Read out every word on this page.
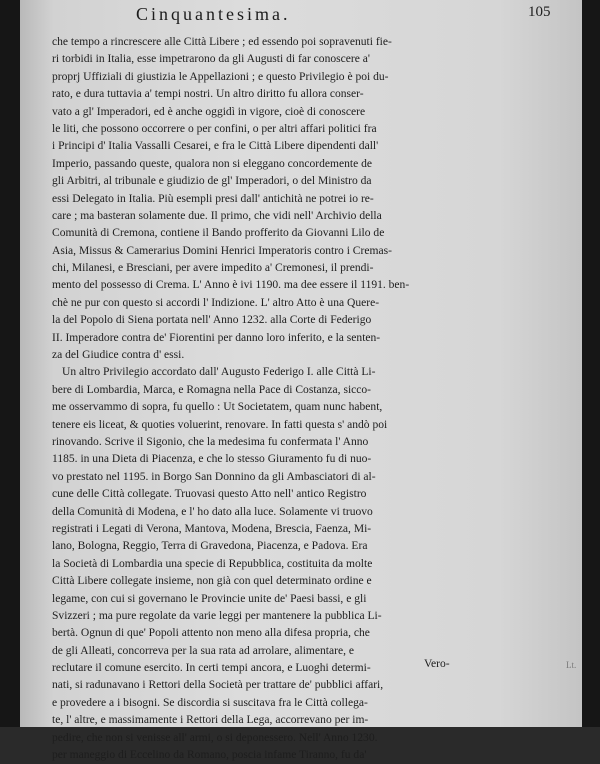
Cinquantesima.	105
che tempo a rincrescere alle Città Libere ; ed essendo poi sopravenuti fie-
ri torbidi in Italia, esse impetrarono da gli Augusti di far conoscere a'
proprj Uffiziali di giustizia le Appellazioni ; e questo Privilegio è poi du-
rato, e dura tuttavia a' tempi nostri. Un altro diritto fu allora conser-
vato a gl' Imperadori, ed è anche oggidì in vigore, cioè di conoscere
le liti, che possono occorrere o per confini, o per altri affari politici fra
i Principi d' Italia Vassalli Cesarei, e fra le Città Libere dipendenti dall'
Imperio, passando queste, qualora non si eleggano concordemente de
gli Arbitri, al tribunale e giudizio de gl' Imperadori, o del Ministro da
essi Delegato in Italia. Più esempli presi dall' antichità ne potrei io re-
care ; ma basteran solamente due. Il primo, che vidi nell' Archivio della
Comunità di Cremona, contiene il Bando profferito da Giovanni Lilo de
Asia, Missus & Camerarius Domini Henrici Imperatoris contro i Cremas-
chi, Milanesi, e Bresciani, per avere impedito a' Cremonesi, il prendi-
mento del possesso di Crema. L' Anno è ivi 1190. ma dee essere il 1191. ben-
chè ne pur con questo si accordi l' Indizione. L' altro Atto è una Quere-
la del Popolo di Siena portata nell' Anno 1232. alla Corte di Federigo
II. Imperadore contra de' Fiorentini per danno loro inferito, e la senten-
za del Giudice contra d' essi.
Un altro Privilegio accordato dall' Augusto Federigo I. alle Città Li-
bere di Lombardia, Marca, e Romagna nella Pace di Costanza, sicco-
me osservammo di sopra, fu quello : Ut Societatem, quam nunc habent,
tenere eis liceat, & quoties voluerint, renovare. In fatti questa s' andò poi
rinovando. Scrive il Sigonio, che la medesima fu confermata l' Anno
1185. in una Dieta di Piacenza, e che lo stesso Giuramento fu di nuo-
vo prestato nel 1195. in Borgo San Donnino da gli Ambasciatori di al-
cune delle Città collegate. Truovasi questo Atto nell' antico Registro
della Comunità di Modena, e l' ho dato alla luce. Solamente vi truovo
registrati i Legati di Verona, Mantova, Modena, Brescia, Faenza, Mi-
lano, Bologna, Reggio, Terra di Gravedona, Piacenza, e Padova. Era
la Società di Lombardia una specie di Repubblica, costituita da molte
Città Libere collegate insieme, non già con quel determinato ordine e
legame, con cui si governano le Provincie unite de' Paesi bassi, e gli
Svizzeri ; ma pure regolate da varie leggi per mantenere la pubblica Li-
bertà. Ognun di que' Popoli attento non meno alla difesa propria, che
de gli Alleati, concorreva per la sua rata ad arrolare, alimentare, e
reclutare il comune esercito. In certi tempi ancora, e Luoghi determi-
nati, si radunavano i Rettori della Società per trattare de' pubblici affari,
e provedere a i bisogni. Se discordia si suscitava fra le Città collega-
te, l' altre, e massimamente i Rettori della Lega, accorrevano per im-
pedire, che non si venisse all' armi, o si deponessero. Nell' Anno 1230.
per maneggio di Eccelino da Romano, poscia infame Tiranno, fu da'
Vero-	Lt.
